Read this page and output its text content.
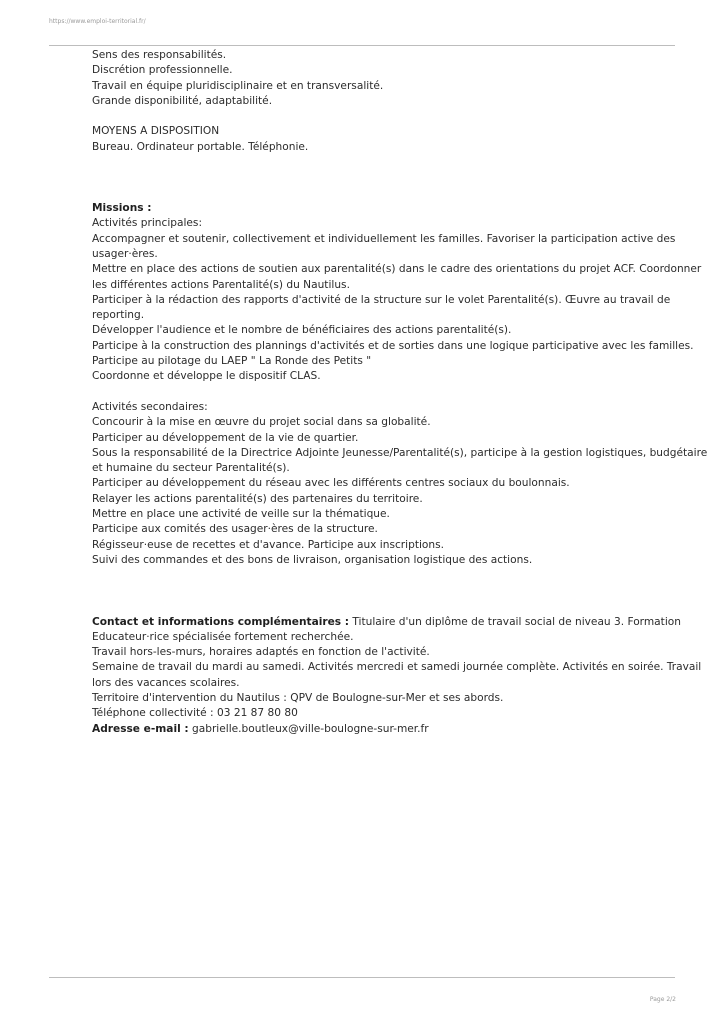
https://www.emploi-territorial.fr/
Sens des responsabilités.
Discrétion professionnelle.
Travail en équipe pluridisciplinaire et en transversalité.
Grande disponibilité, adaptabilité.
MOYENS A DISPOSITION
Bureau. Ordinateur portable. Téléphonie.
Missions :
Activités principales:
Accompagner et soutenir, collectivement et individuellement les familles. Favoriser la participation active des
usager·ères.
Mettre en place des actions de soutien aux parentalité(s) dans le cadre des orientations du projet ACF. Coordonner
les différentes actions Parentalité(s) du Nautilus.
Participer à la rédaction des rapports d'activité de la structure sur le volet Parentalité(s). Œuvre au travail de
reporting.
Développer l'audience et le nombre de bénéficiaires des actions parentalité(s).
Participe à la construction des plannings d'activités et de sorties dans une logique participative avec les familles.
Participe au pilotage du LAEP " La Ronde des Petits "
Coordonne et développe le dispositif CLAS.
Activités secondaires:
Concourir à la mise en œuvre du projet social dans sa globalité.
Participer au développement de la vie de quartier.
Sous la responsabilité de la Directrice Adjointe Jeunesse/Parentalité(s), participe à la gestion logistiques, budgétaire
et humaine du secteur Parentalité(s).
Participer au développement du réseau avec les différents centres sociaux du boulonnais.
Relayer les actions parentalité(s) des partenaires du territoire.
Mettre en place une activité de veille sur la thématique.
Participe aux comités des usager·ères de la structure.
Régisseur·euse de recettes et d'avance. Participe aux inscriptions.
Suivi des commandes et des bons de livraison, organisation logistique des actions.
Contact et informations complémentaires : Titulaire d'un diplôme de travail social de niveau 3. Formation
Educateur·rice spécialisée fortement recherchée.
Travail hors-les-murs, horaires adaptés en fonction de l'activité.
Semaine de travail du mardi au samedi. Activités mercredi et samedi journée complète. Activités en soirée. Travail
lors des vacances scolaires.
Territoire d'intervention du Nautilus : QPV de Boulogne-sur-Mer et ses abords.
Téléphone collectivité : 03 21 87 80 80
Adresse e-mail : gabrielle.boutleux@ville-boulogne-sur-mer.fr
Page 2/2
